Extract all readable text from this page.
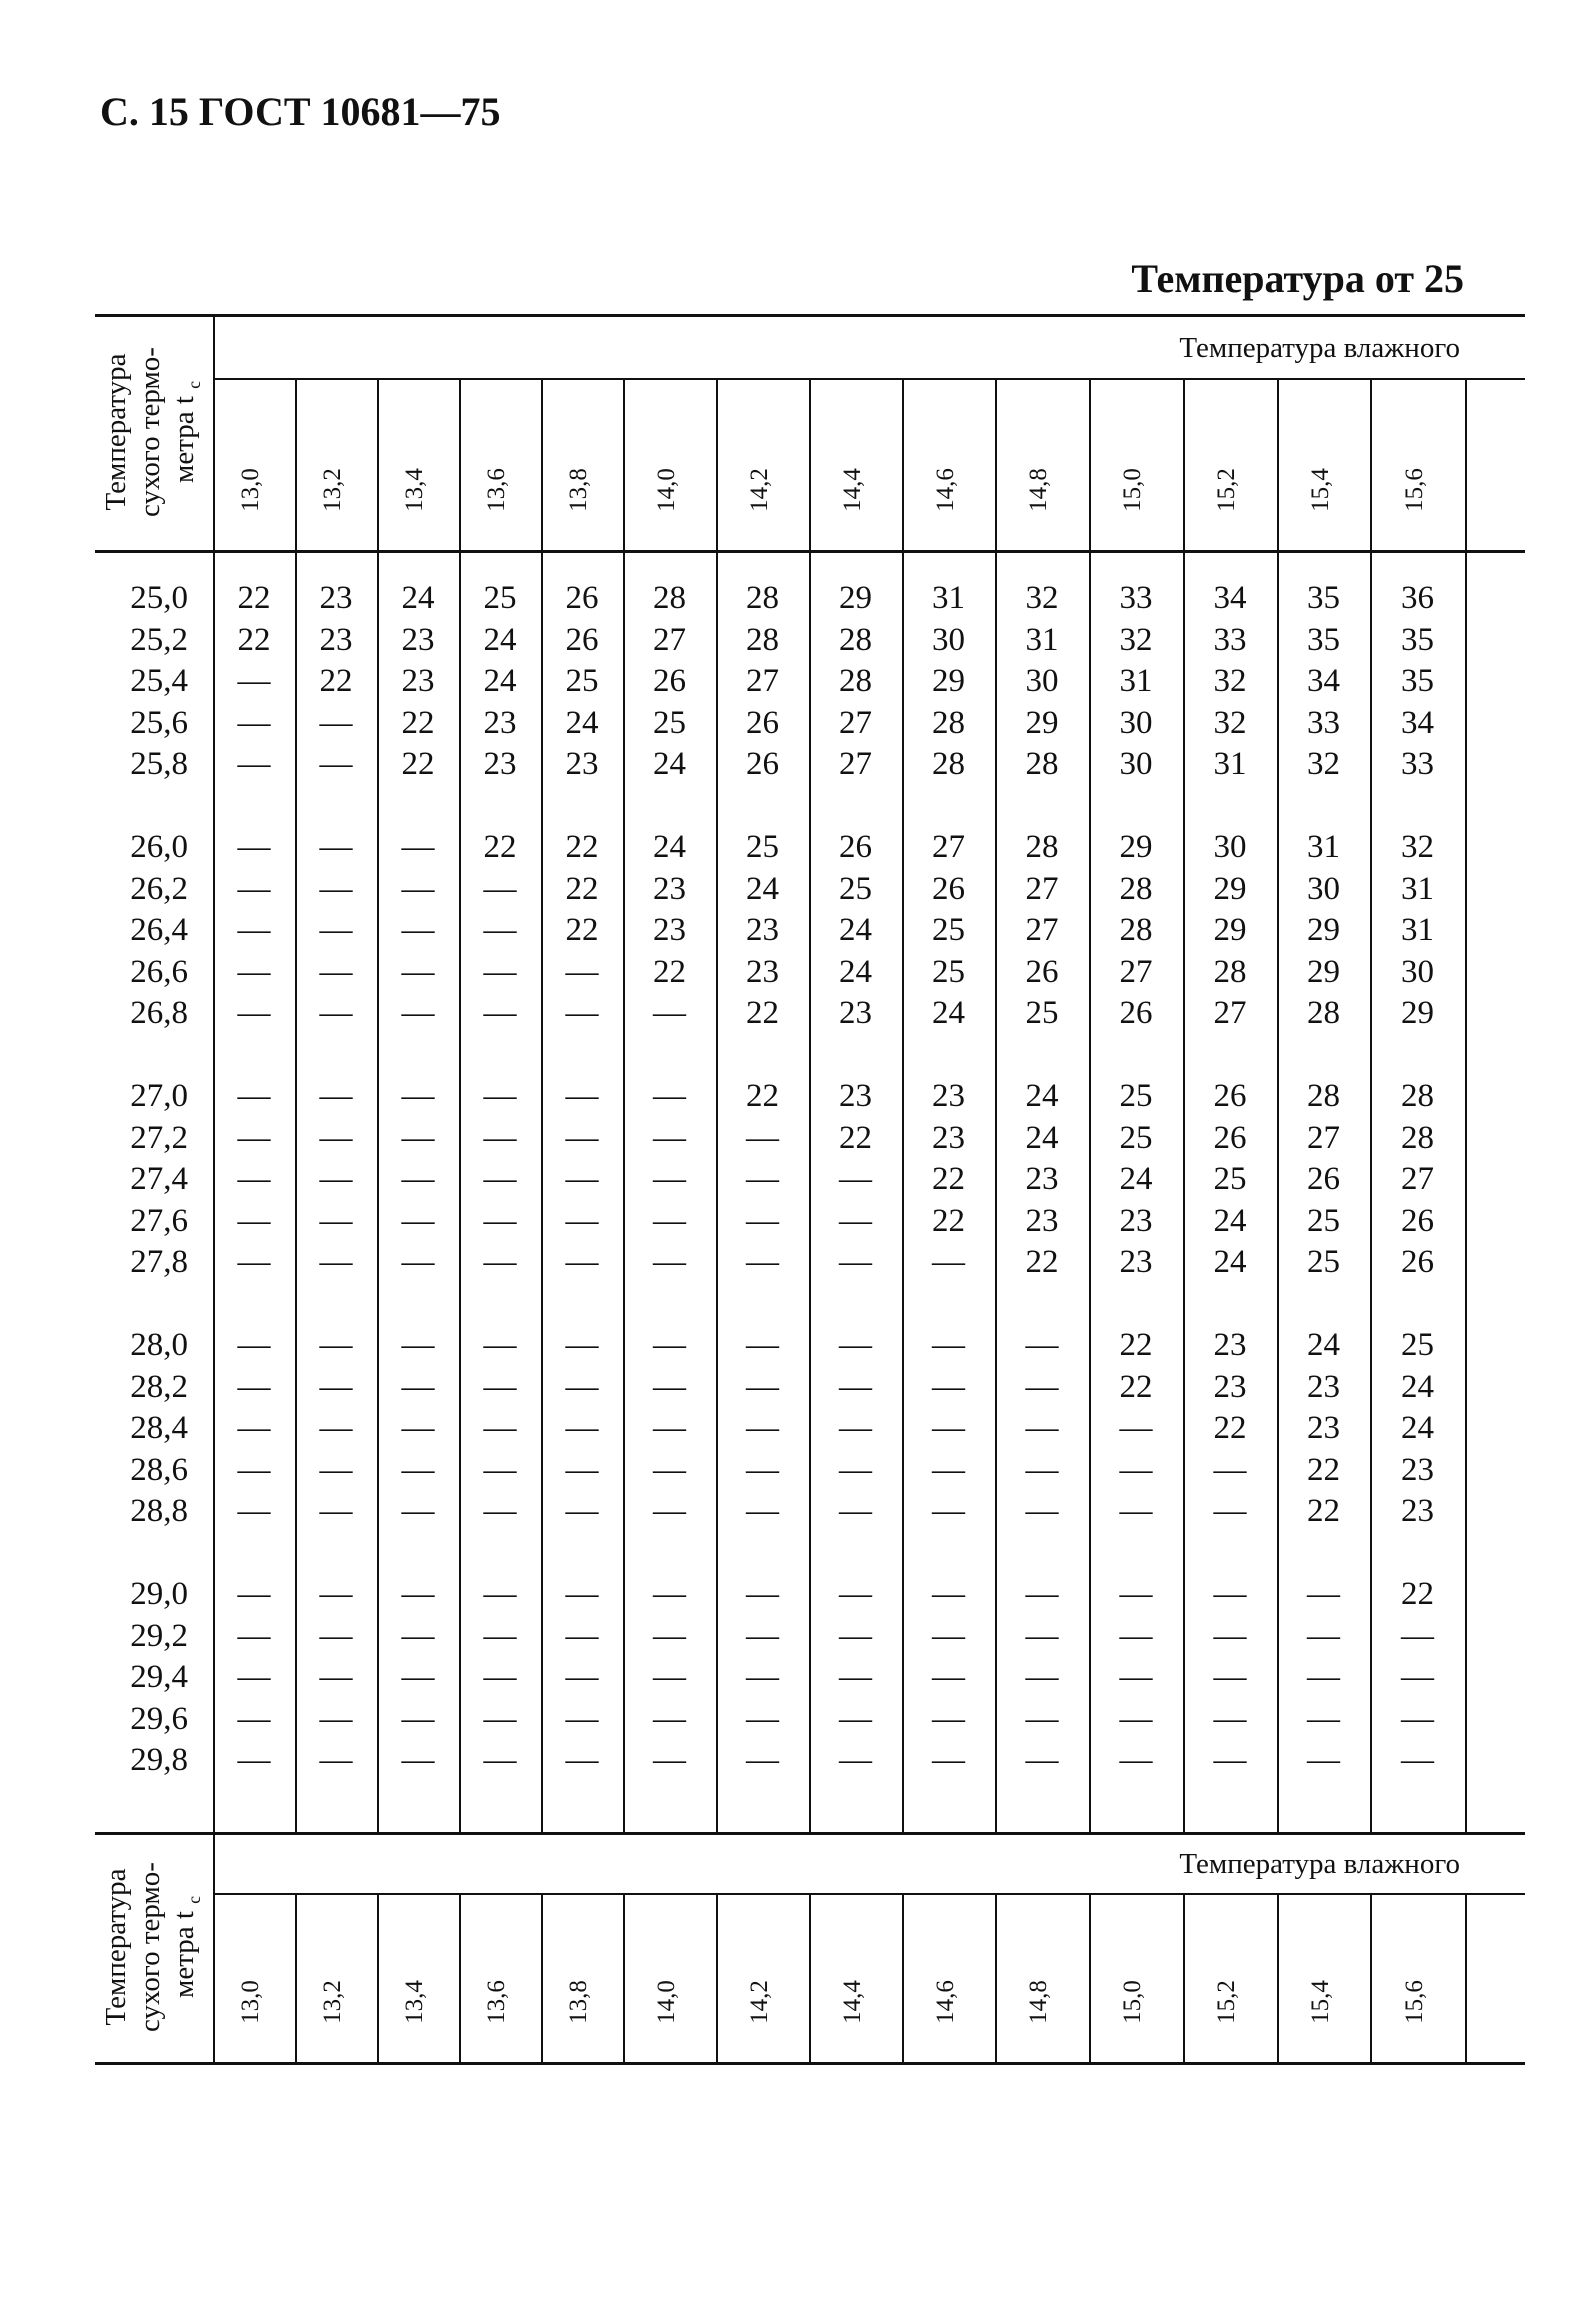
С. 15 ГОСТ 10681—75
Температура от 25
Температура влажного
Температура сухого термо- метра t $_с$
13,0 13,2 13,4 13,6 13,8 14,0	14,2	14,4	14,6	14,8	15,0	15,2	15,4	15,6
25,0	22	23	24	25	26	28	28	29	31	32	33	34	35	36
25,2	22	23	23	24	26	27	28	28	30	31	32	33	35	35
25,4	—	22	23	24	25	26	27	28	29	30	31	32	34	35
25,6	—	—	22	23	24	25	26	27	28	29	30	32	33	34
25,8	—	—	22	23	23	24	26	27	28	28	30	31	32	33
26,0	—	—	—	22	22	24	25	26	27	28	29	30	31	32
26,2	—	—	—	—	22	23	24	25	26	27	28	29	30	31
26,4	—	—	—	—	22	23	23	24	25	27	28	29	29	31
26,6	—	—	—	—	—	22	23	24	25	26	27	28	29	30
26,8	—	—	—	—	—	—	22	23	24	25	26	27	28	29
27,0	—	—	—	—	—	—	22	23	23	24	25	26	28	28
27,2	—	—	—	—	—	—	—	22	23	24	25	26	27	28
27,4	—	—	—	—	—	—	—	—	22	23	24	25	26	27
27,6	—	—	—	—	—	—	—	—	22	23	23	24	25	26
27,8	—	—	—	—	—	—	—	—	—	22	23	24	25	26
28,0	—	—	—	—	—	—	—	—	—	—	22	23	24	25
28,2	—	—	—	—	—	—	—	—	—	—	22	23	23	24
28,4	—	—	—	—	—	—	—	—	—	—	—	22	23	24
28,6	—	—	—	—	—	—	—	—	—	—	—	—	22	23
28,8	—	—	—	—	—	—	—	—	—	—	—	—	22	23
29,0	—	—	—	—	—	—	—	—	—	—	—	—	—	22
29,2	—	—	—	—	—	—	—	—	—	—	—	—	—	—
29,4	—	—	—	—	—	—	—	—	—	—	—	—	—	—
29,6	—	—	—	—	—	—	—	—	—	—	—	—	—	—
29,8	—	—	—	—	—	—	—	—	—	—	—	—	—	—
Температура влажного
Температура сухого термо- метра t $_с$
13,0 13,2 13,4 13,6 13,8 14,0	14,2	14,4	14,6	14,8	15,0	15,2	15,4	15,6
